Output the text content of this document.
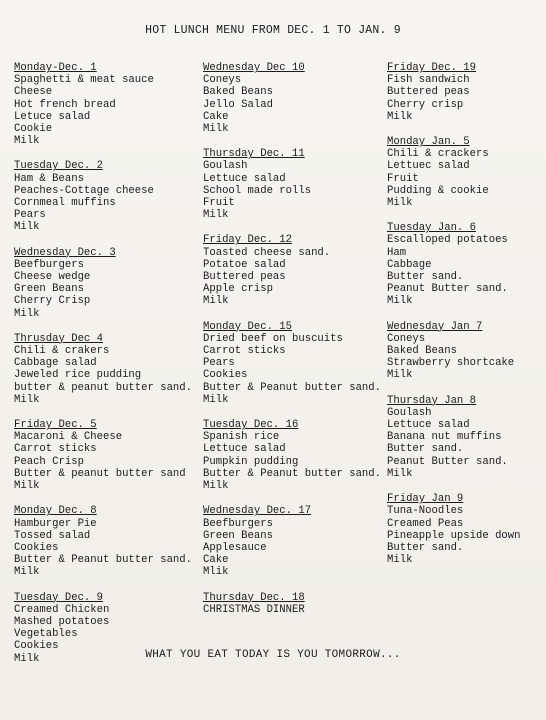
HOT LUNCH MENU FROM DEC. 1 TO JAN. 9
Monday-Dec. 1
Spaghetti & meat sauce
Cheese
Hot french bread
Letuce salad
Cookie
Milk
Tuesday Dec. 2
Ham & Beans
Peaches-Cottage cheese
Cornmeal muffins
Pears
Milk
Wednesday Dec. 3
Beefburgers
Cheese wedge
Green Beans
Cherry Crisp
Milk
Thrusday Dec 4
Chili & crakers
Cabbage salad
Jeweled rice pudding
butter & peanut butter sand.
Milk
Friday Dec. 5
Macaroni & Cheese
Carrot sticks
Peach Crisp
Butter & peanut butter sand
Milk
Monday Dec. 8
Hamburger Pie
Tossed salad
Cookies
Butter & Peanut butter sand.
Milk
Tuesday Dec. 9
Creamed Chicken
Mashed potatoes
Vegetables
Cookies
Milk
Wednesday Dec 10
Coneys
Baked Beans
Jello Salad
Cake
Milk
Thursday Dec. 11
Goulash
Lettuce salad
School made rolls
Fruit
Milk
Friday Dec. 12
Toasted cheese sand.
Potatoe salad
Buttered peas
Apple crisp
Milk
Monday Dec. 15
Dried beef on buscuits
Carrot sticks
Pears
Cookies
Butter & Peanut butter sand.
Milk
Tuesday Dec. 16
Spanish rice
Lettuce salad
Pumpkin pudding
Butter & Peanut butter sand.
Milk
Wednesday Dec. 17
Beefburgers
Green Beans
Applesauce
Cake
Mlik
Thursday Dec. 18
CHRISTMAS DINNER
Friday Dec. 19
Fish sandwich
Buttered peas
Cherry crisp
Milk
Monday Jan. 5
Chili & crackers
Lettuec salad
Fruit
Pudding & cookie
Milk
Tuesday Jan. 6
Escalloped potatoes
Ham
Cabbage
Butter sand.
Peanut Butter sand.
Milk
Wednesday Jan 7
Coneys
Baked Beans
Strawberry shortcake
Milk
Thursday Jan 8
Goulash
Lettuce salad
Banana nut muffins
Butter sand.
Peanut Butter sand.
Milk
Friday Jan 9
Tuna-Noodles
Creamed Peas
Pineapple upside down
Butter sand.
Milk
WHAT YOU EAT TODAY IS YOU TOMORROW...
